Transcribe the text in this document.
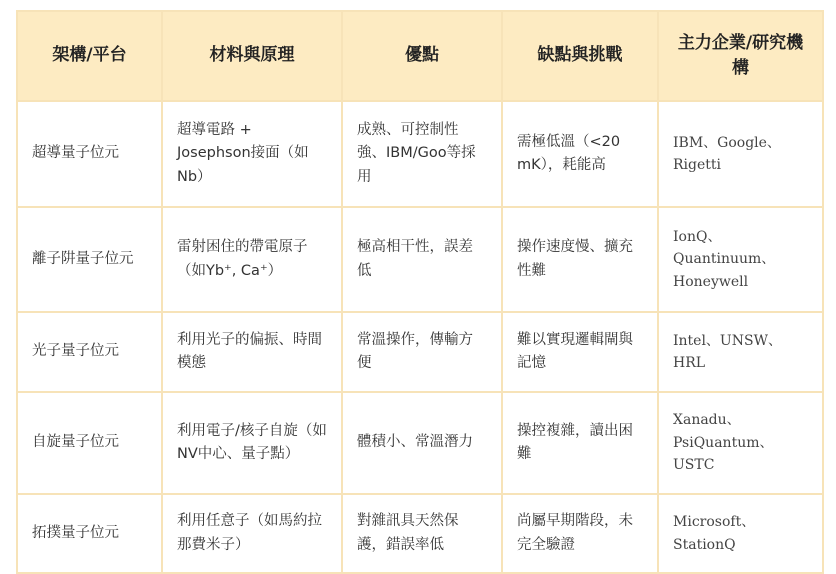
架構/平台	材料與原理	優點	缺點與挑戰	主力企業/研究機構
超導量子位元	超導電路 + Josephson接面（如Nb）	成熟、可控制性強、IBM/Goo等採用	需極低溫（<20 mK），耗能高	IBM、Google、Rigetti
離子阱量子位元	雷射困住的帶電原子（如Yb⁺, Ca⁺）	極高相干性，誤差低	操作速度慢、擴充性難	IonQ、Quantinuum、Honeywell
光子量子位元	利用光子的偏振、時間模態	常溫操作，傳輸方便	難以實現邏輯閘與記憶	Intel、UNSW、HRL
自旋量子位元	利用電子/核子自旋（如NV中心、量子點）	體積小、常溫潛力	操控複雜，讀出困難	Xanadu、PsiQuantum、USTC
拓撲量子位元	利用任意子（如馬約拉那費米子）	對雜訊具天然保護，錯誤率低	尚屬早期階段，未完全驗證	Microsoft、StationQ
